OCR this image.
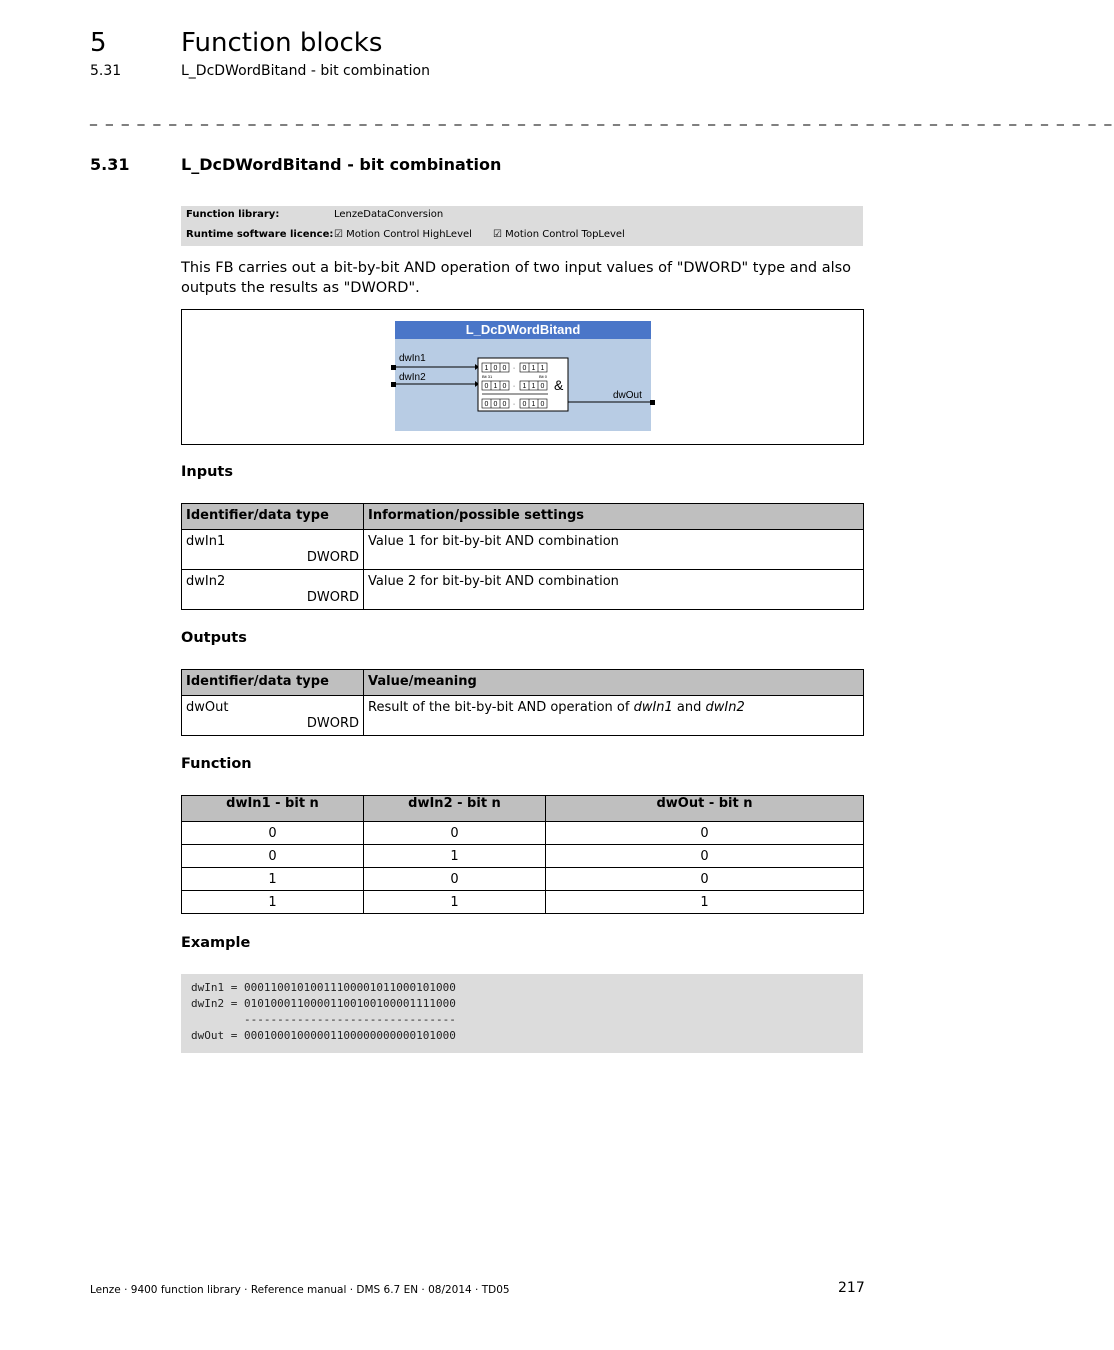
5	Function blocks
5.31	L_DcDWordBitand - bit combination
_ _ _ _ _ _ _ _ _ _ _ _ _ _ _ _ _ _ _ _ _ _ _ _ _ _ _ _ _ _ _ _ _ _ _ _ _ _ _ _ _ _ _ _ _ _ _ _ _ _ _ _ _ _ _ _ _ _ _ _ _ _ _ _ _
5.31	L_DcDWordBitand - bit combination
Function library:	LenzeDataConversion
Runtime software licence: ☑ Motion Control HighLevel ☑ Motion Control TopLevel
This FB carries out a bit-by-bit AND operation of two input values of "DWORD" type and also outputs the results as "DWORD".
L_DcDWordBitand
dwIn1
dwIn2
1 0 0 · 0 1 1
Bit 31	Bit 0
0 1 0 · 1 1 0 &
0 0 0 · 0 1 0
dwOut
Inputs
Identifier/data type	Information/possible settings

dwIn1
DWORD	Value 1 for bit-by-bit AND combination

dwIn2
DWORD	Value 2 for bit-by-bit AND combination
Outputs
Identifier/data type	Value/meaning

dwOut
DWORD	Result of the bit-by-bit AND operation of dwIn1 and dwIn2
Function
dwIn1 - bit n	dwIn2 - bit n	dwOut - bit n
0	0	0
0	1	0
1	0	0
1	1	1
Example
dwIn1 = 00011001010011100001011000101000
dwIn2 = 01010001100001100100100001111000
--------------------------------
dwOut = 00010001000001100000000000101000
Lenze · 9400 function library · Reference manual · DMS 6.7 EN · 08/2014 · TD05	217
